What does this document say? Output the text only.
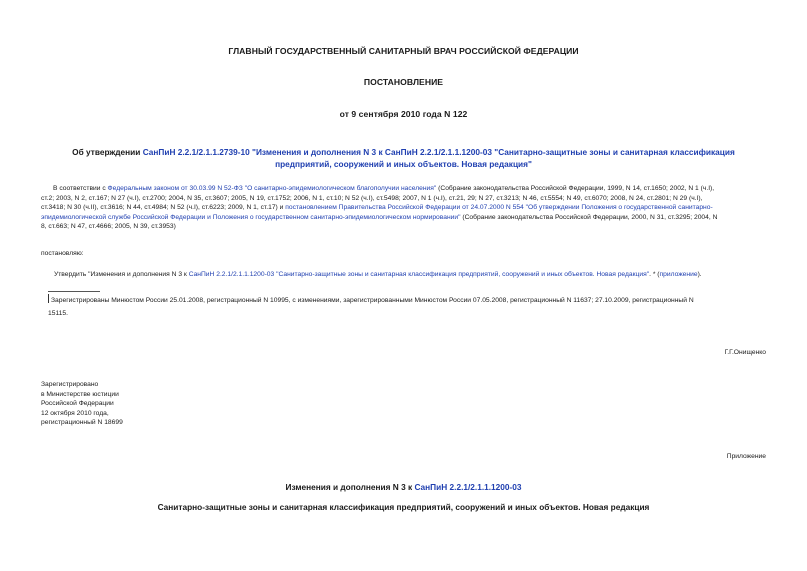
ГЛАВНЫЙ ГОСУДАРСТВЕННЫЙ САНИТАРНЫЙ ВРАЧ РОССИЙСКОЙ ФЕДЕРАЦИИ
ПОСТАНОВЛЕНИЕ
от 9 сентября 2010 года N 122
Об утверждении СанПиН 2.2.1/2.1.1.2739-10 "Изменения и дополнения N 3 к СанПиН 2.2.1/2.1.1.1200-03 "Санитарно-защитные зоны и санитарная классификация
предприятий, сооружений и иных объектов. Новая редакция"
В соответствии с Федеральным законом от 30.03.99 N 52-ФЗ "О санитарно-эпидемиологическом благополучии населения" (Собрание законодательства Российской Федерации, 1999, N 14, ст.1650; 2002, N 1 (ч.I),
ст.2; 2003, N 2, ст.167; N 27 (ч.I), ст.2700; 2004, N 35, ст.3607; 2005, N 19, ст.1752; 2006, N 1, ст.10; N 52 (ч.I), ст.5498; 2007, N 1 (ч.I), ст.21, 29; N 27, ст.3213; N 46, ст.5554; N 49, ст.6070; 2008, N 24, ст.2801; N 29 (ч.I),
ст.3418; N 30 (ч.II), ст.3616; N 44, ст.4984; N 52 (ч.I), ст.6223; 2009, N 1, ст.17) и постановлением Правительства Российской Федерации от 24.07.2000 N 554 "Об утверждении Положения о государственной санитарно-
эпидемиологической службе Российской Федерации и Положения о государственном санитарно-эпидемиологическом нормировании" (Собрание законодательства Российской Федерации, 2000, N 31, ст.3295; 2004, N
8, ст.663; N 47, ст.4666; 2005, N 39, ст.3953)
постановляю:
Утвердить "Изменения и дополнения N 3 к СанПиН 2.2.1/2.1.1.1200-03 "Санитарно-защитные зоны и санитарная классификация предприятий, сооружений и иных объектов. Новая редакция". * (приложение).
Зарегистрированы Минюстом России 25.01.2008, регистрационный N 10995, с изменениями, зарегистрированными Минюстом России 07.05.2008, регистрационный N 11637; 27.10.2009, регистрационный N
15115.
Г.Г.Онищенко
Зарегистрировано
в Министерстве юстиции
Российской Федерации
12 октября 2010 года,
регистрационный N 18699
Приложение
Изменения и дополнения N 3 к СанПиН 2.2.1/2.1.1.1200-03
Санитарно-защитные зоны и санитарная классификация предприятий, сооружений и иных объектов. Новая редакция
